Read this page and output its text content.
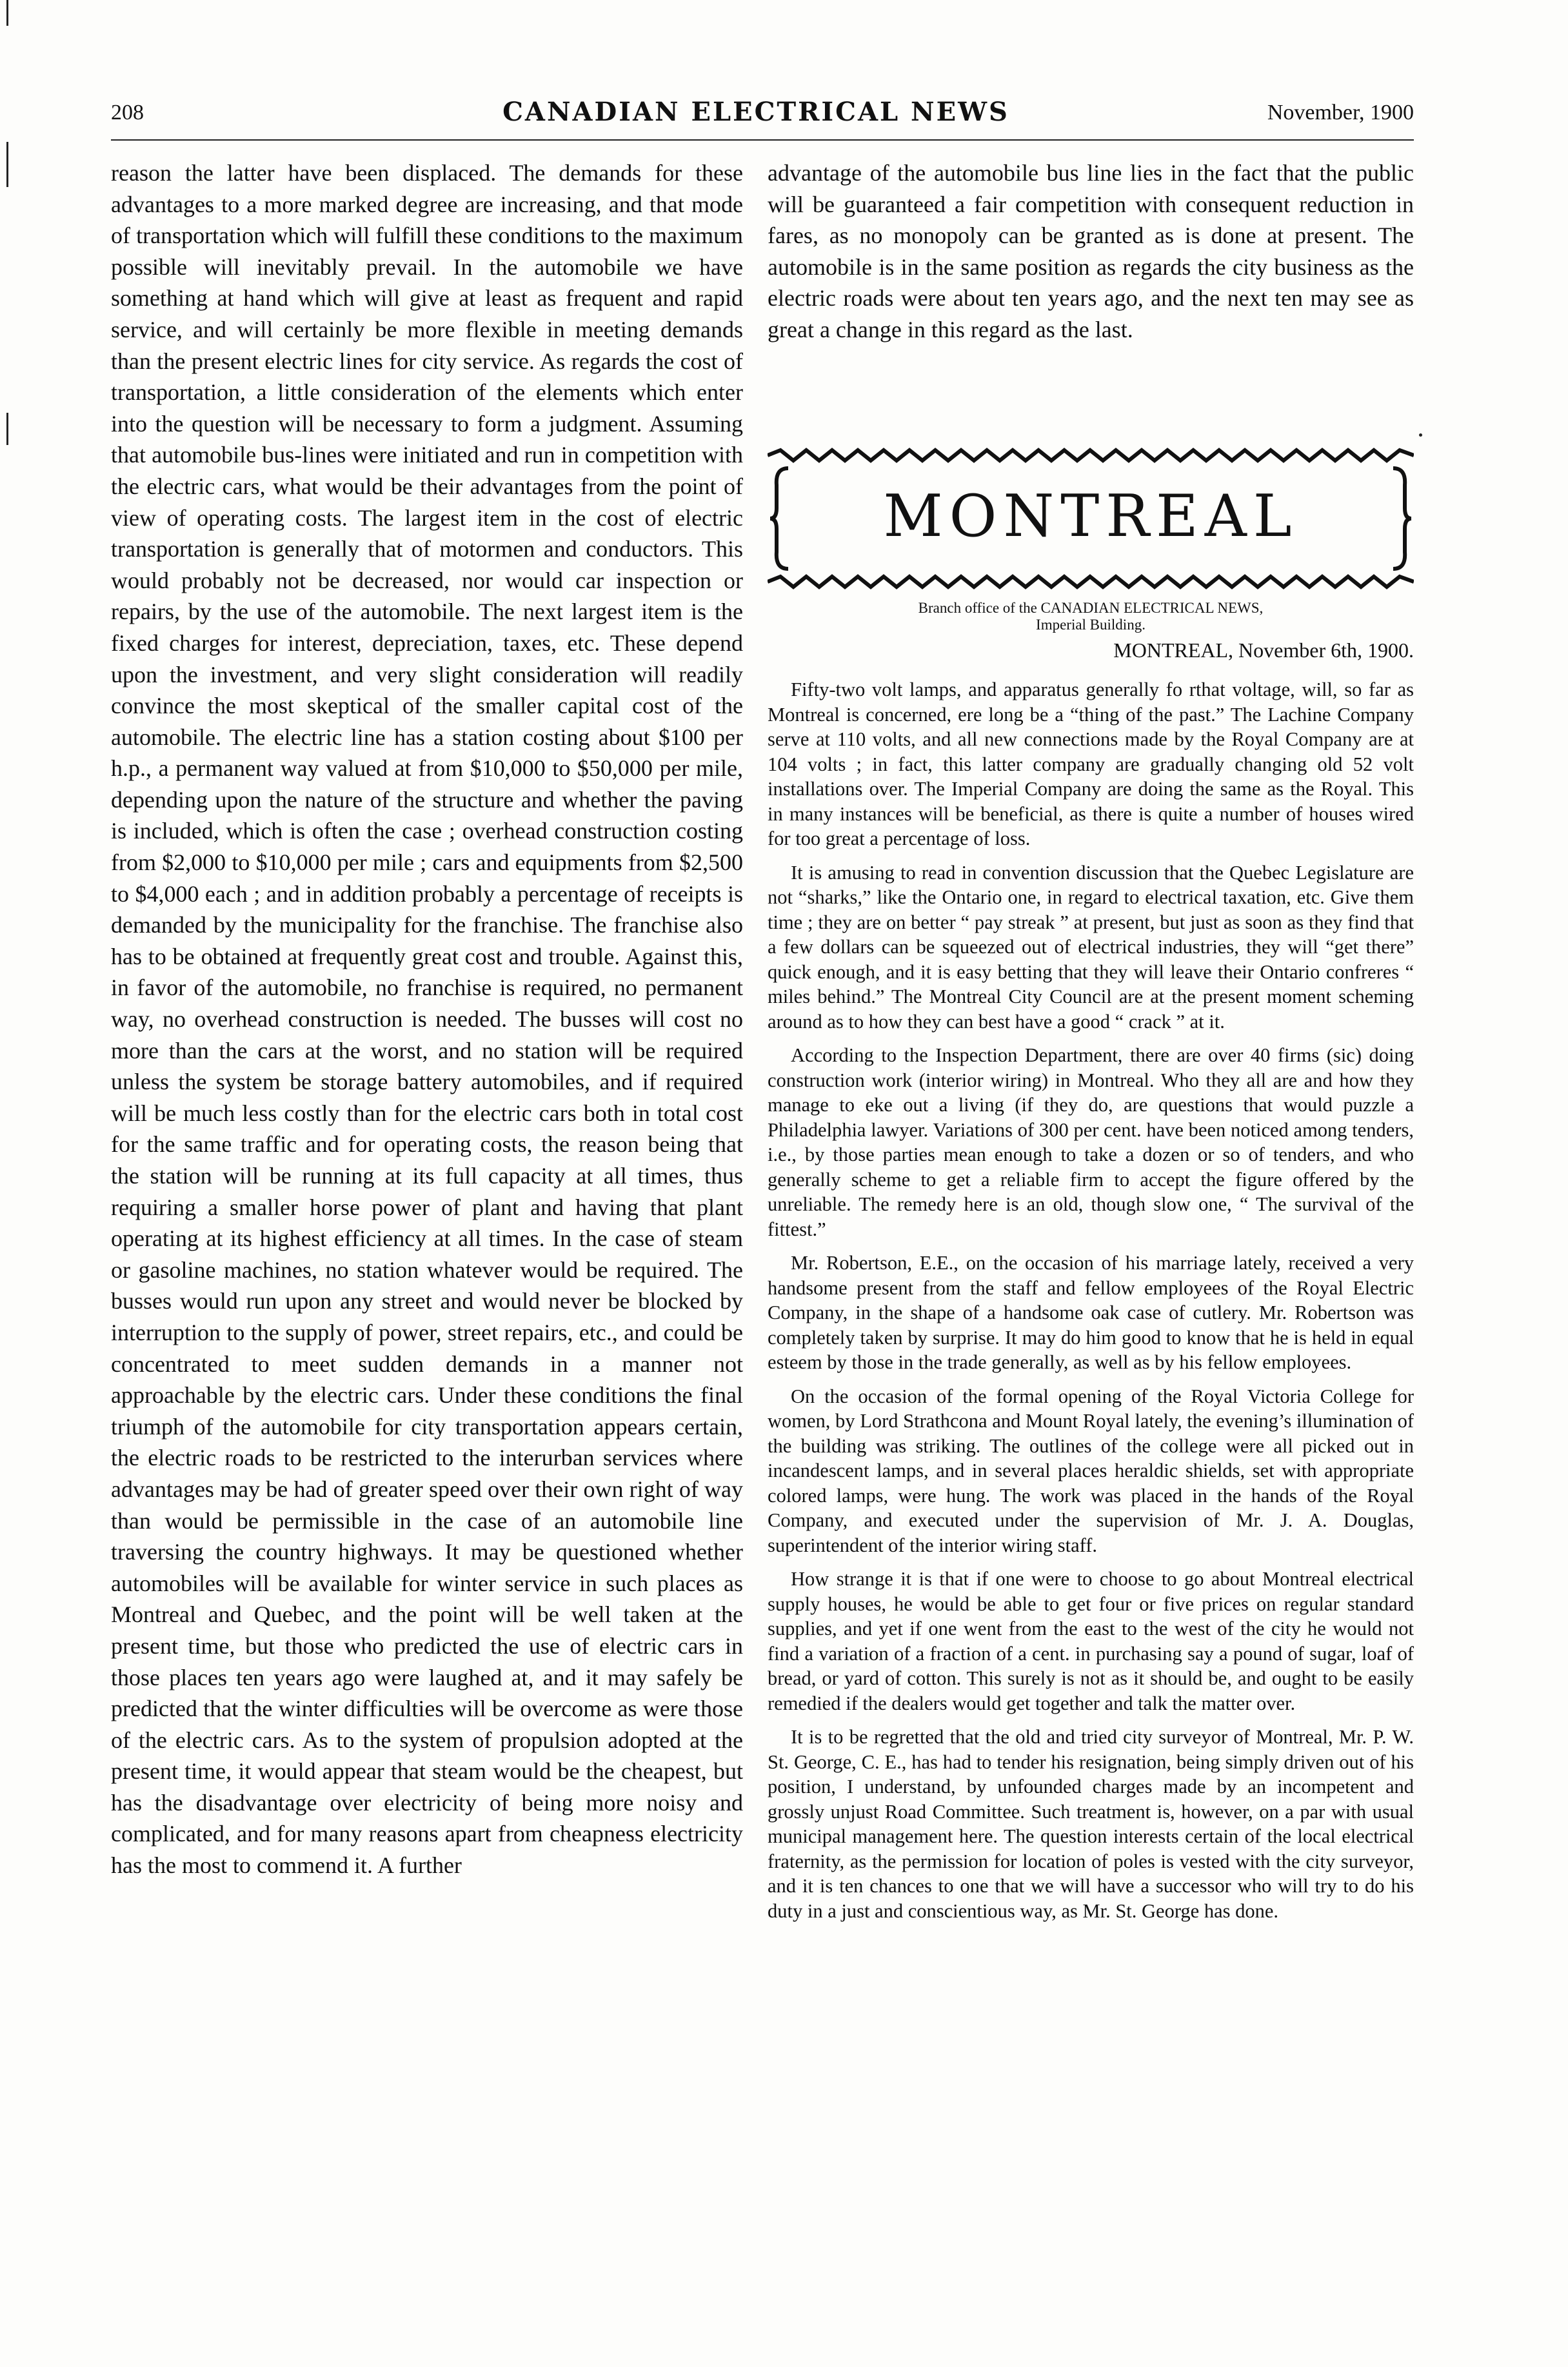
208	CANADIAN ELECTRICAL NEWS	November, 1900

reason the latter have been displaced. The demands for these advantages to a more marked degree are increasing, and that mode of transportation which will fulfill these conditions to the maximum possible will inevitably prevail. In the automobile we have something at hand which will give at least as frequent and rapid service, and will certainly be more flexible in meeting demands than the present electric lines for city service. As regards the cost of transportation, a little consideration of the elements which enter into the question will be necessary to form a judgment. Assuming that automobile bus-lines were initiated and run in competition with the electric cars, what would be their advantages from the point of view of operating costs. The largest item in the cost of electric transportation is generally that of motormen and conductors. This would probably not be decreased, nor would car inspection or repairs, by the use of the automobile. The next largest item is the fixed charges for interest, depreciation, taxes, etc. These depend upon the investment, and very slight consideration will readily convince the most skeptical of the smaller capital cost of the automobile. The electric line has a station costing about $100 per h.p., a permanent way valued at from $10,000 to $50,000 per mile, depending upon the nature of the structure and whether the paving is included, which is often the case ; overhead construction costing from $2,000 to $10,000 per mile ; cars and equipments from $2,500 to $4,000 each ; and in addition probably a percentage of receipts is demanded by the municipality for the franchise. The franchise also has to be obtained at frequently great cost and trouble. Against this, in favor of the automobile, no franchise is required, no permanent way, no overhead construction is needed. The busses will cost no more than the cars at the worst, and no station will be required unless the system be storage battery automobiles, and if required will be much less costly than for the electric cars both in total cost for the same traffic and for operating costs, the reason being that the station will be running at its full capacity at all times, thus requiring a smaller horse power of plant and having that plant operating at its highest efficiency at all times. In the case of steam or gasoline machines, no station whatever would be required. The busses would run upon any street and would never be blocked by interruption to the supply of power, street repairs, etc., and could be concentrated to meet sudden demands in a manner not approachable by the electric cars. Under these conditions the final triumph of the automobile for city transportation appears certain, the electric roads to be restricted to the interurban services where advantages may be had of greater speed over their own right of way than would be permissible in the case of an automobile line traversing the country highways. It may be questioned whether automobiles will be available for winter service in such places as Montreal and Quebec, and the point will be well taken at the present time, but those who predicted the use of electric cars in those places ten years ago were laughed at, and it may safely be predicted that the winter difficulties will be overcome as were those of the electric cars. As to the system of propulsion adopted at the present time, it would appear that steam would be the cheapest, but has the disadvantage over electricity of being more noisy and complicated, and for many reasons apart from cheapness electricity has the most to commend it. A further

advantage of the automobile bus line lies in the fact that the public will be guaranteed a fair competition with consequent reduction in fares, as no monopoly can be granted as is done at present. The automobile is in the same position as regards the city business as the electric roads were about ten years ago, and the next ten may see as great a change in this regard as the last.

MONTREAL
Branch office of the CANADIAN ELECTRICAL NEWS,
Imperial Building.
MONTREAL, November 6th, 1900.

Fifty-two volt lamps, and apparatus generally fo rthat voltage, will, so far as Montreal is concerned, ere long be a “thing of the past.” The Lachine Company serve at 110 volts, and all new connections made by the Royal Company are at 104 volts ; in fact, this latter company are gradually changing old 52 volt installations over. The Imperial Company are doing the same as the Royal. This in many instances will be beneficial, as there is quite a number of houses wired for too great a percentage of loss.

It is amusing to read in convention discussion that the Quebec Legislature are not “sharks,” like the Ontario one, in regard to electrical taxation, etc. Give them time ; they are on better “ pay streak ” at present, but just as soon as they find that a few dollars can be squeezed out of electrical industries, they will “get there” quick enough, and it is easy betting that they will leave their Ontario confreres “ miles behind.” The Montreal City Council are at the present moment scheming around as to how they can best have a good “ crack ” at it.

According to the Inspection Department, there are over 40 firms (sic) doing construction work (interior wiring) in Montreal. Who they all are and how they manage to eke out a living (if they do, are questions that would puzzle a Philadelphia lawyer. Variations of 300 per cent. have been noticed among tenders, i.e., by those parties mean enough to take a dozen or so of tenders, and who generally scheme to get a reliable firm to accept the figure offered by the unreliable. The remedy here is an old, though slow one, “ The survival of the fittest.”

Mr. Robertson, E.E., on the occasion of his marriage lately, received a very handsome present from the staff and fellow employees of the Royal Electric Company, in the shape of a handsome oak case of cutlery. Mr. Robertson was completely taken by surprise. It may do him good to know that he is held in equal esteem by those in the trade generally, as well as by his fellow employees.

On the occasion of the formal opening of the Royal Victoria College for women, by Lord Strathcona and Mount Royal lately, the evening’s illumination of the building was striking. The outlines of the college were all picked out in incandescent lamps, and in several places heraldic shields, set with appropriate colored lamps, were hung. The work was placed in the hands of the Royal Company, and executed under the supervision of Mr. J. A. Douglas, superintendent of the interior wiring staff.

How strange it is that if one were to choose to go about Montreal electrical supply houses, he would be able to get four or five prices on regular standard supplies, and yet if one went from the east to the west of the city he would not find a variation of a fraction of a cent. in purchasing say a pound of sugar, loaf of bread, or yard of cotton. This surely is not as it should be, and ought to be easily remedied if the dealers would get together and talk the matter over.

It is to be regretted that the old and tried city surveyor of Montreal, Mr. P. W. St. George, C. E., has had to tender his resignation, being simply driven out of his position, I understand, by unfounded charges made by an incompetent and grossly unjust Road Committee. Such treatment is, however, on a par with usual municipal management here. The question interests certain of the local electrical fraternity, as the permission for location of poles is vested with the city surveyor, and it is ten chances to one that we will have a successor who will try to do his duty in a just and conscientious way, as Mr. St. George has done.
